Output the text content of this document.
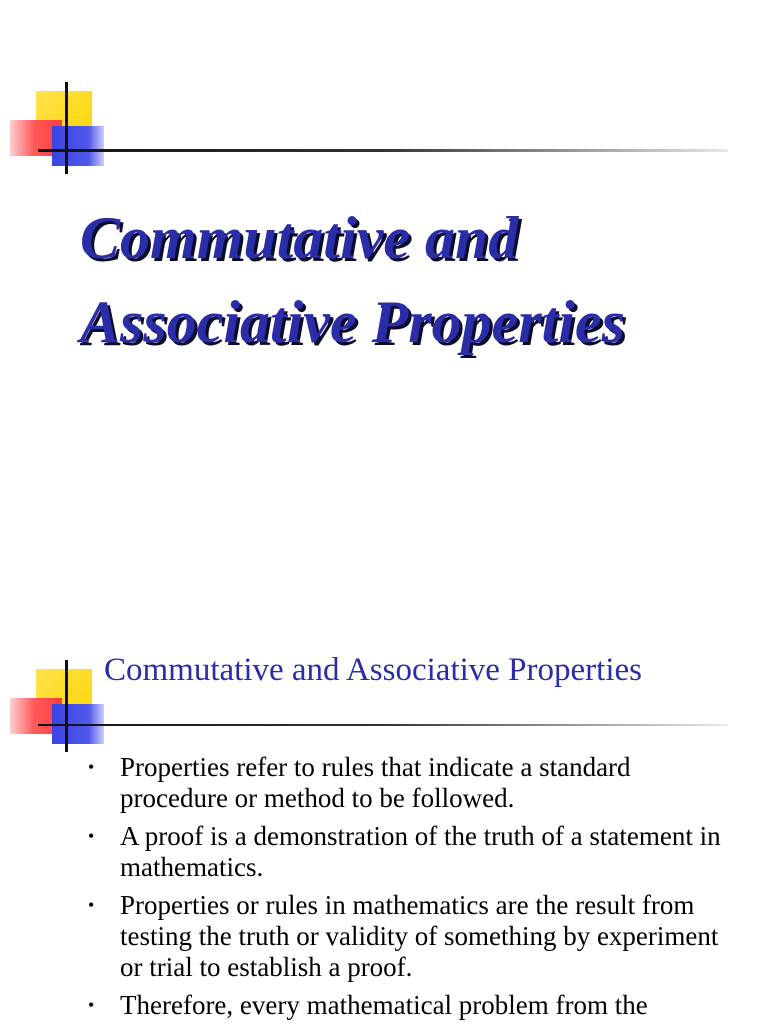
Commutative and
Associative Properties
Commutative and Associative Properties
• Properties refer to rules that indicate a standard procedure or method to be followed.
• A proof is a demonstration of the truth of a statement in mathematics.
• Properties or rules in mathematics are the result from testing the truth or validity of something by experiment or trial to establish a proof.
• Therefore, every mathematical problem from the
